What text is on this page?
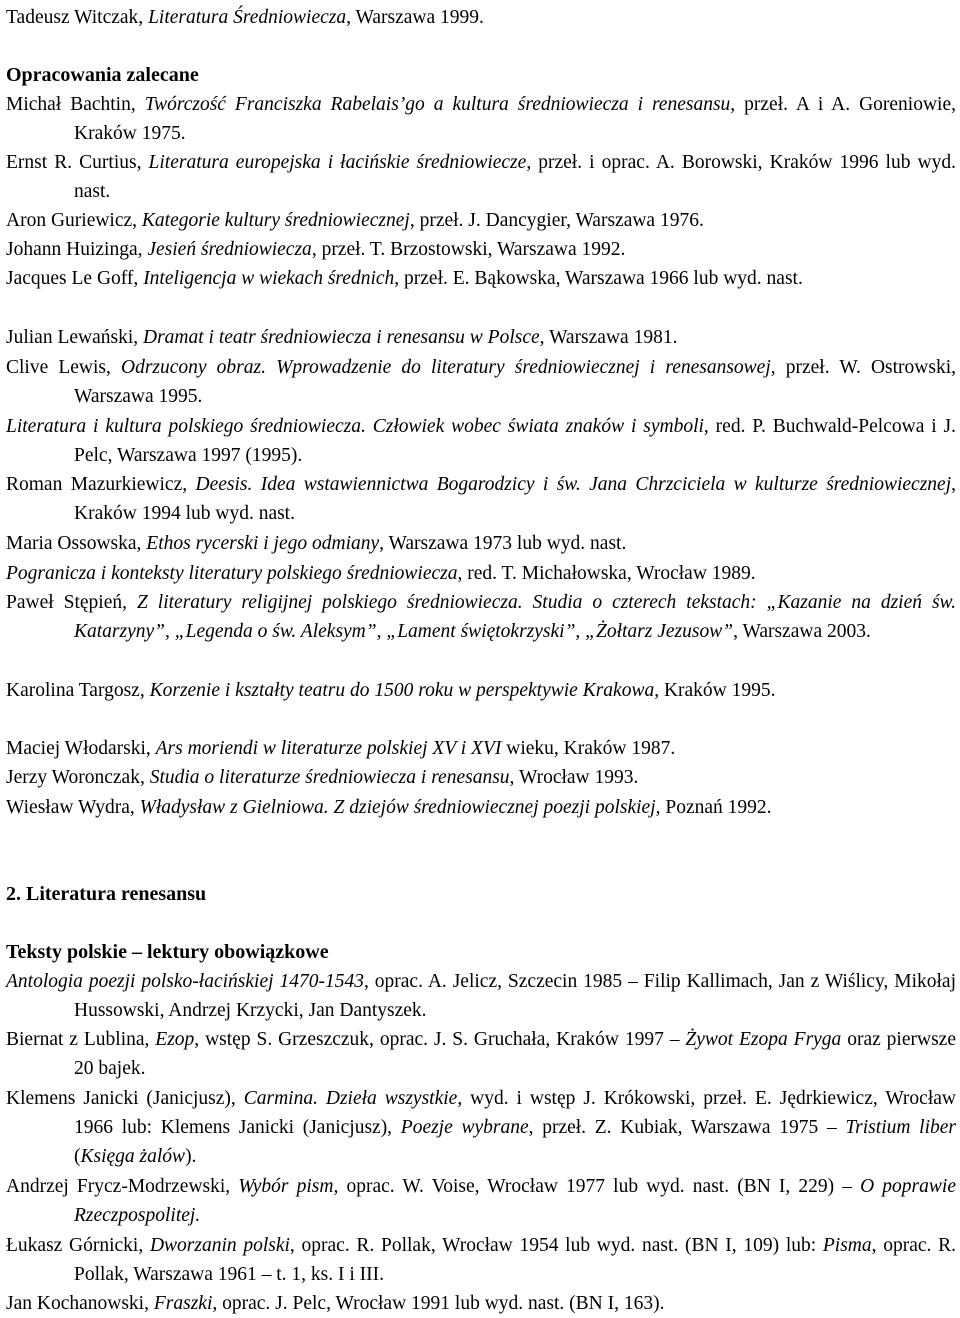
Tadeusz Witczak, Literatura Średniowiecza, Warszawa 1999.

Opracowania zalecane

Michał Bachtin, Twórczość Franciszka Rabelais’go a kultura średniowiecza i renesansu, przeł. A i A. Goreniowie, Kraków 1975.

Ernst R. Curtius, Literatura europejska i łacińskie średniowiecze, przeł. i oprac. A. Borowski, Kraków 1996 lub wyd. nast.

Aron Guriewicz, Kategorie kultury średniowiecznej, przeł. J. Dancygier, Warszawa 1976.

Johann Huizinga, Jesień średniowiecza, przeł. T. Brzostowski, Warszawa 1992.

Jacques Le Goff, Inteligencja w wiekach średnich, przeł. E. Bąkowska, Warszawa 1966 lub wyd. nast.

Julian Lewański, Dramat i teatr średniowiecza i renesansu w Polsce, Warszawa 1981.

Clive Lewis, Odrzucony obraz. Wprowadzenie do literatury średniowiecznej i renesansowej, przeł. W. Ostrowski, Warszawa 1995.

Literatura i kultura polskiego średniowiecza. Człowiek wobec świata znaków i symboli, red. P. Buchwald-Pelcowa i J. Pelc, Warszawa 1997 (1995).

Roman Mazurkiewicz, Deesis. Idea wstawiennictwa Bogarodzicy i św. Jana Chrzciciela w kulturze średniowiecznej, Kraków 1994 lub wyd. nast.

Maria Ossowska, Ethos rycerski i jego odmiany, Warszawa 1973 lub wyd. nast.

Pogranicza i konteksty literatury polskiego średniowiecza, red. T. Michałowska, Wrocław 1989.

Paweł Stępień, Z literatury religijnej polskiego średniowiecza. Studia o czterech tekstach: „Kazanie na dzień św. Katarzyny”, „Legenda o św. Aleksym”, „Lament świętokrzyski”, „Żołtarz Jezusow”, Warszawa 2003.

Karolina Targosz, Korzenie i kształty teatru do 1500 roku w perspektywie Krakowa, Kraków 1995.

Maciej Włodarski, Ars moriendi w literaturze polskiej XV i XVI wieku, Kraków 1987.

Jerzy Woronczak, Studia o literaturze średniowiecza i renesansu, Wrocław 1993.

Wiesław Wydra, Władysław z Gielniowa. Z dziejów średniowiecznej poezji polskiej, Poznań 1992.

2. Literatura renesansu

Teksty polskie – lektury obowiązkowe

Antologia poezji polsko-łacińskiej 1470-1543, oprac. A. Jelicz, Szczecin 1985 – Filip Kallimach, Jan z Wiślicy, Mikołaj Hussowski, Andrzej Krzycki, Jan Dantyszek.

Biernat z Lublina, Ezop, wstęp S. Grzeszczuk, oprac. J. S. Gruchała, Kraków 1997 – Żywot Ezopa Fryga oraz pierwsze 20 bajek.

Klemens Janicki (Janicjusz), Carmina. Dzieła wszystkie, wyd. i wstęp J. Krókowski, przeł. E. Jędrkiewicz, Wrocław 1966 lub: Klemens Janicki (Janicjusz), Poezje wybrane, przeł. Z. Kubiak, Warszawa 1975 – Tristium liber (Księga żalów).

Andrzej Frycz-Modrzewski, Wybór pism, oprac. W. Voise, Wrocław 1977 lub wyd. nast. (BN I, 229) – O poprawie Rzeczpospolitej.

Łukasz Górnicki, Dworzanin polski, oprac. R. Pollak, Wrocław 1954 lub wyd. nast. (BN I, 109) lub: Pisma, oprac. R. Pollak, Warszawa 1961 – t. 1, ks. I i III.

Jan Kochanowski, Fraszki, oprac. J. Pelc, Wrocław 1991 lub wyd. nast. (BN I, 163).
